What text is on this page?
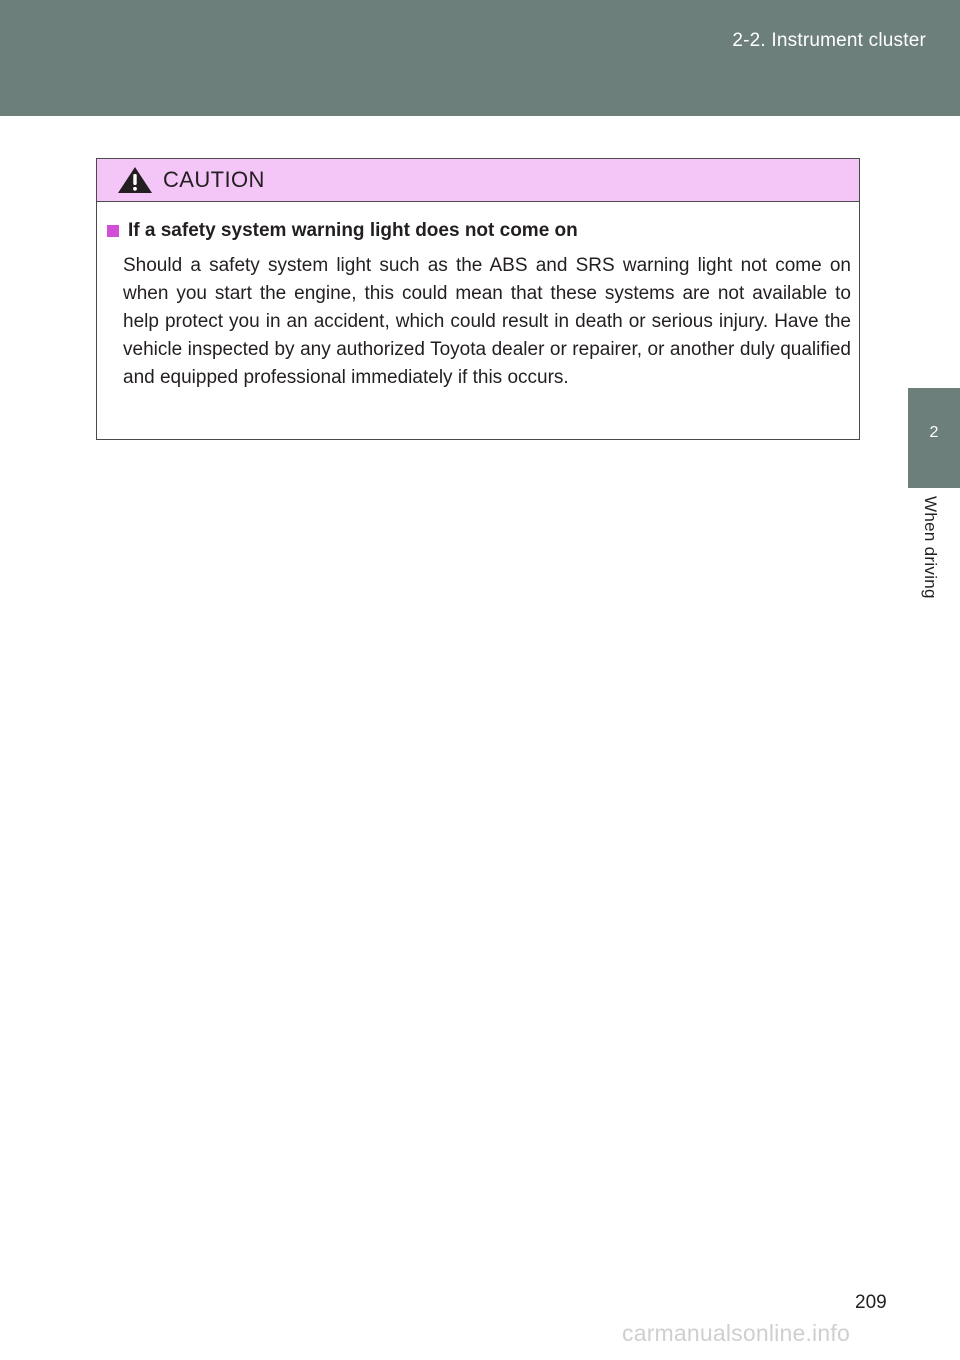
2-2. Instrument cluster
2
When driving
CAUTION
If a safety system warning light does not come on

Should a safety system light such as the ABS and SRS warning light not come on when you start the engine, this could mean that these systems are not available to help protect you in an accident, which could result in death or serious injury. Have the vehicle inspected by any authorized Toyota dealer or repairer, or another duly qualified and equipped professional immediately if this occurs.

209
carmanualsonline.info
